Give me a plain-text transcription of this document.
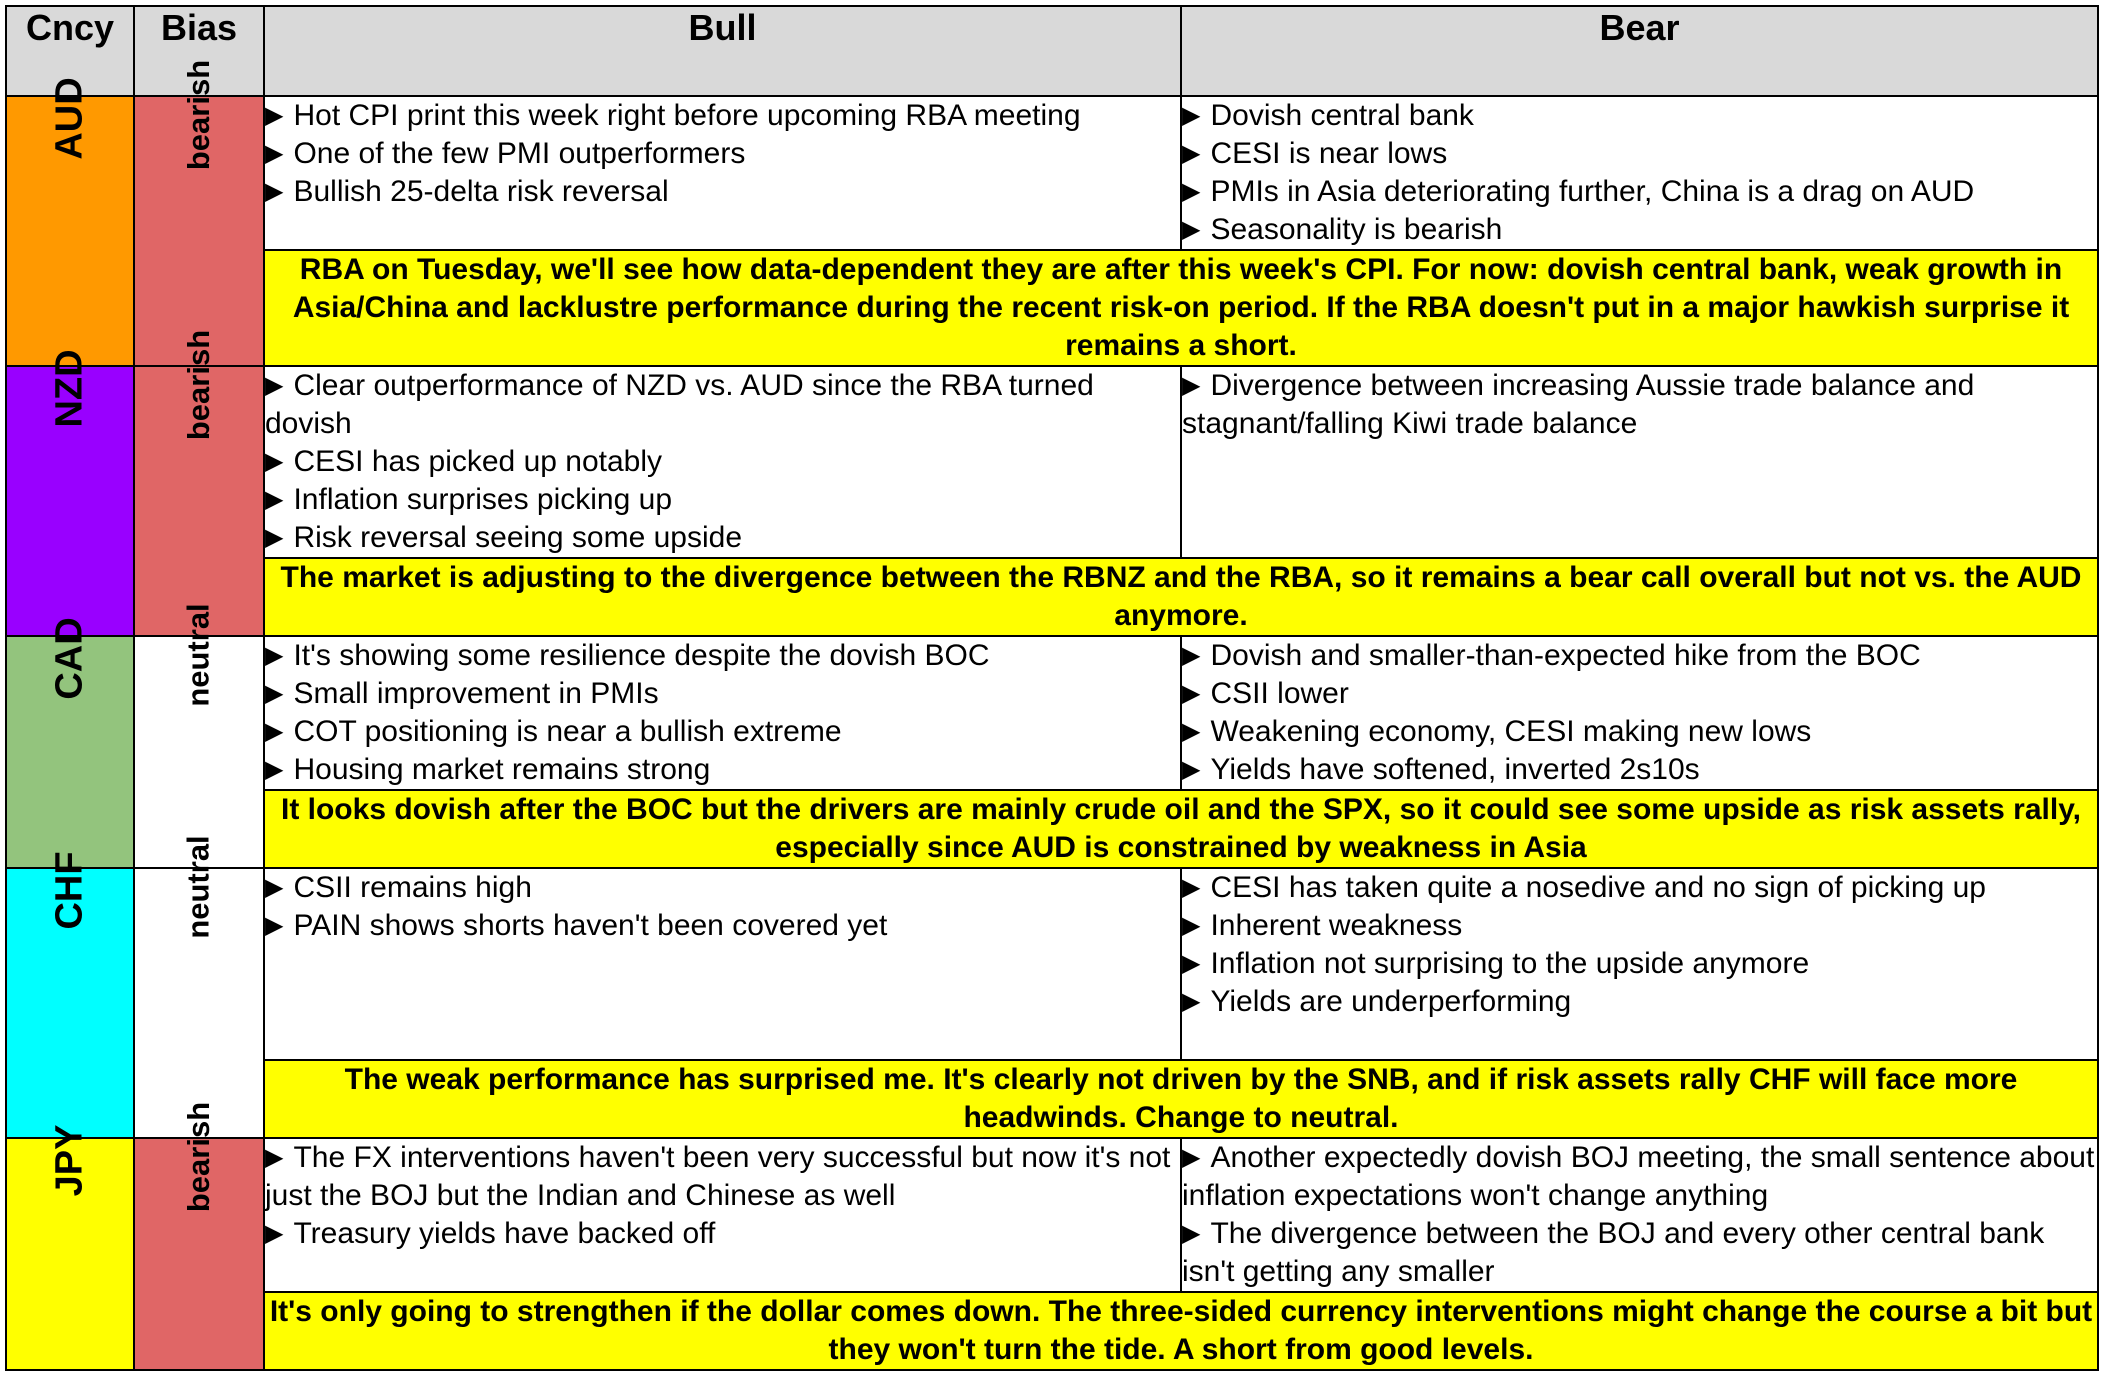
Cncy	Bias	Bull	Bear
AUD	bearish	▶ Hot CPI print this week right before upcoming RBA meeting
▶ One of the few PMI outperformers
▶ Bullish 25-delta risk reversal	▶ Dovish central bank
▶ CESI is near lows
▶ PMIs in Asia deteriorating further, China is a drag on AUD
▶ Seasonality is bearish

		RBA on Tuesday, we'll see how data-dependent they are after this week's CPI. For now: dovish central bank, weak growth in Asia/China and lacklustre performance during the recent risk-on period. If the RBA doesn't put in a major hawkish surprise it remains a short.	
NZD	bearish	▶ Clear outperformance of NZD vs. AUD since the RBA turned dovish
▶ CESI has picked up notably
▶ Inflation surprises picking up
▶ Risk reversal seeing some upside	▶ Divergence between increasing Aussie trade balance and stagnant/falling Kiwi trade balance

		The market is adjusting to the divergence between the RBNZ and the RBA, so it remains a bear call overall but not vs. the AUD anymore.	
CAD	neutral	▶ It's showing some resilience despite the dovish BOC
▶ Small improvement in PMIs
▶ COT positioning is near a bullish extreme
▶ Housing market remains strong	▶ Dovish and smaller-than-expected hike from the BOC
▶ CSII lower
▶ Weakening economy, CESI making new lows
▶ Yields have softened, inverted 2s10s

		It looks dovish after the BOC but the drivers are mainly crude oil and the SPX, so it could see some upside as risk assets rally, especially since AUD is constrained by weakness in Asia	
CHF	neutral	▶ CSII remains high
▶ PAIN shows shorts haven't been covered yet	▶ CESI has taken quite a nosedive and no sign of picking up
▶ Inherent weakness
▶ Inflation not surprising to the upside anymore
▶ Yields are underperforming

		The weak performance has surprised me. It's clearly not driven by the SNB, and if risk assets rally CHF will face more headwinds. Change to neutral.	
JPY	bearish	▶ The FX interventions haven't been very successful but now it's not just the BOJ but the Indian and Chinese as well
▶ Treasury yields have backed off	▶ Another expectedly dovish BOJ meeting, the small sentence about inflation expectations won't change anything
▶ The divergence between the BOJ and every other central bank isn't getting any smaller

		It's only going to strengthen if the dollar comes down. The three-sided currency interventions might change the course a bit but they won't turn the tide. A short from good levels.	
